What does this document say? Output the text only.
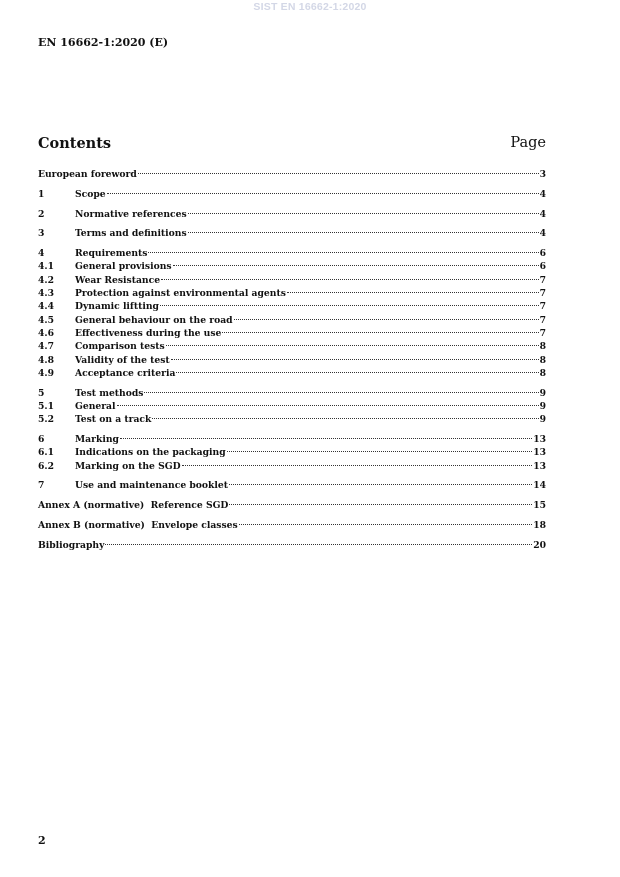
SIST EN 16662-1:2020
EN 16662-1:2020 (E)
Contents	Page
European foreword	3
1	Scope	4
2	Normative references	4
3	Terms and definitions	4
4	Requirements	6
4.1	General provisions	6
4.2	Wear Resistance	7
4.3	Protection against environmental agents	7
4.4	Dynamic liftting	7
4.5	General behaviour on the road	7
4.6	Effectiveness during the use	7
4.7	Comparison tests	8
4.8	Validity of the test	8
4.9	Acceptance criteria	8
5	Test methods	9
5.1	General	9
5.2	Test on a track	9
6	Marking	13
6.1	Indications on the packaging	13
6.2	Marking on the SGD	13
7	Use and maintenance booklet	14
Annex A (normative)  Reference SGD	15
Annex B (normative)  Envelope classes	18
Bibliography	20
2
